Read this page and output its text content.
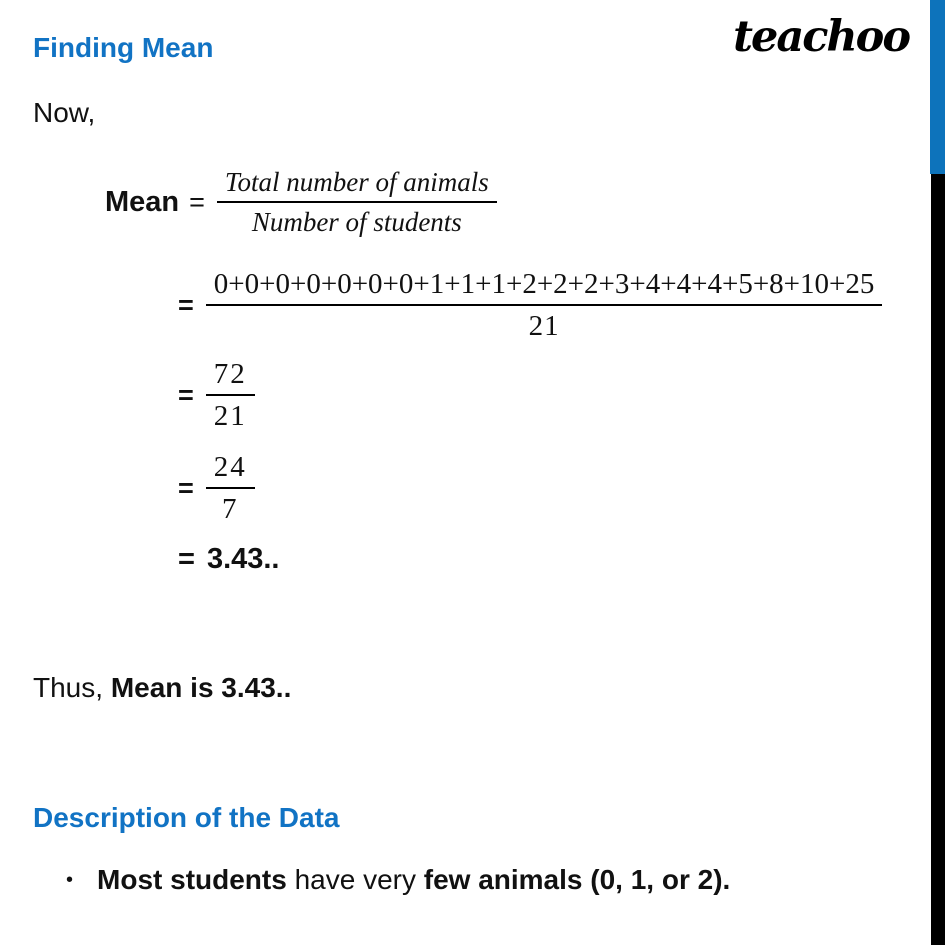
Finding Mean	teachoo
Now,
Mean = $\frac{\text{Total number of animals}}{\text{Number of students}}$
= $\frac{0+0+0+0+0+0+0+1+1+1+2+2+2+3+4+4+4+5+8+10+25}{21}$
= $\frac{72}{21}$
= $\frac{24}{7}$
= 3.43..
Thus, Mean is 3.43..
Description of the Data
• Most students have very few animals (0, 1, or 2).
